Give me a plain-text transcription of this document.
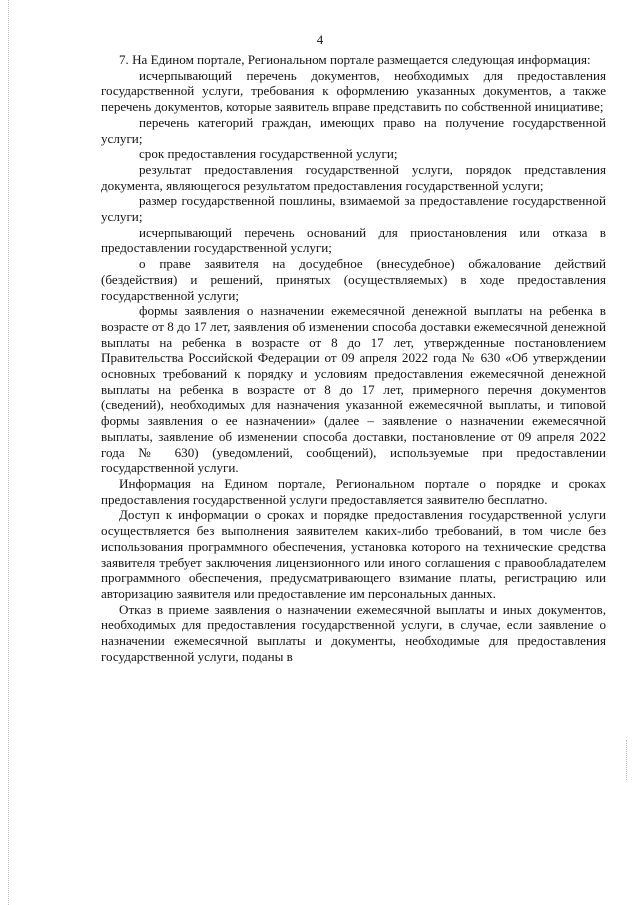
4

7. На Едином портале, Региональном портале размещается следующая информация:

исчерпывающий перечень документов, необходимых для предоставления государственной услуги, требования к оформлению указанных документов, а также перечень документов, которые заявитель вправе представить по собственной инициативе;

перечень категорий граждан, имеющих право на получение государственной услуги;

срок предоставления государственной услуги;

результат предоставления государственной услуги, порядок представления документа, являющегося результатом предоставления государственной услуги;

размер государственной пошлины, взимаемой за предоставление государственной услуги;

исчерпывающий перечень оснований для приостановления или отказа в предоставлении государственной услуги;

о праве заявителя на досудебное (внесудебное) обжалование действий (бездействия) и решений, принятых (осуществляемых) в ходе предоставления государственной услуги;

формы заявления о назначении ежемесячной денежной выплаты на ребенка в возрасте от 8 до 17 лет, заявления об изменении способа доставки ежемесячной денежной выплаты на ребенка в возрасте от 8 до 17 лет, утвержденные постановлением Правительства Российской Федерации от 09 апреля 2022 года № 630 «Об утверждении основных требований к порядку и условиям предоставления ежемесячной денежной выплаты на ребенка в возрасте от 8 до 17 лет, примерного перечня документов (сведений), необходимых для назначения указанной ежемесячной выплаты, и типовой формы заявления о ее назначении» (далее – заявление о назначении ежемесячной выплаты, заявление об изменении способа доставки, постановление от 09 апреля 2022 года № 630) (уведомлений, сообщений), используемые при предоставлении государственной услуги.

Информация на Едином портале, Региональном портале о порядке и сроках предоставления государственной услуги предоставляется заявителю бесплатно.

Доступ к информации о сроках и порядке предоставления государственной услуги осуществляется без выполнения заявителем каких-либо требований, в том числе без использования программного обеспечения, установка которого на технические средства заявителя требует заключения лицензионного или иного соглашения с правообладателем программного обеспечения, предусматривающего взимание платы, регистрацию или авторизацию заявителя или предоставление им персональных данных.

Отказ в приеме заявления о назначении ежемесячной выплаты и иных документов, необходимых для предоставления государственной услуги, в случае, если заявление о назначении ежемесячной выплаты и документы, необходимые для предоставления государственной услуги, поданы в
